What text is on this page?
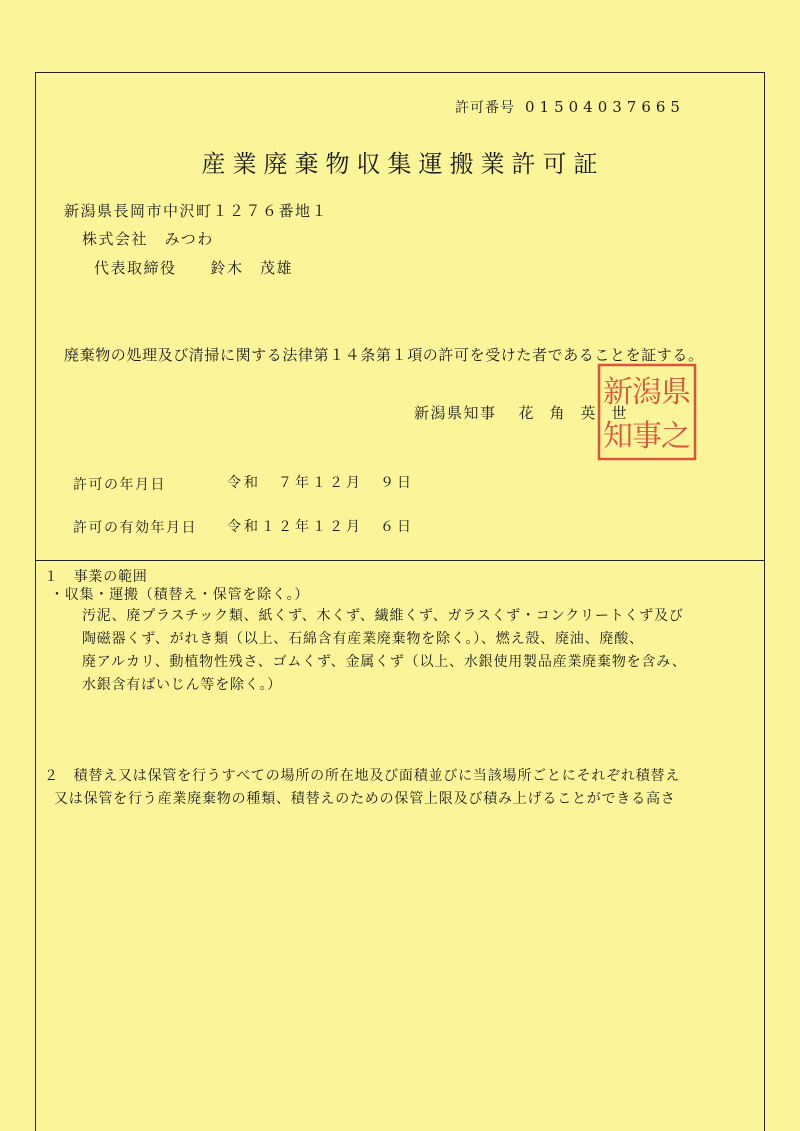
許可番号 01504037665
産業廃棄物収集運搬業許可証
新潟県長岡市中沢町１２７６番地１
株式会社　みつわ
代表取締役 鈴木　茂雄
廃棄物の処理及び清掃に関する法律第１４条第１項の許可を受けた者であることを証する。
新潟県知事 花角英世
県
之
潟
事
新
知
許可の年月日	令和　７年１２月　９日
許可の有効年月日 令和１２年１２月　６日
１　事業の範囲
・収集・運搬（積替え・保管を除く。）
汚泥、廃プラスチック類、紙くず、木くず、繊維くず、ガラスくず・コンクリートくず及び
陶磁器くず、がれき類（以上、石綿含有産業廃棄物を除く。）、燃え殻、廃油、廃酸、
廃アルカリ、動植物性残さ、ゴムくず、金属くず（以上、水銀使用製品産業廃棄物を含み、
水銀含有ばいじん等を除く。）
２　積替え又は保管を行うすべての場所の所在地及び面積並びに当該場所ごとにそれぞれ積替え
又は保管を行う産業廃棄物の種類、積替えのための保管上限及び積み上げることができる高さ
